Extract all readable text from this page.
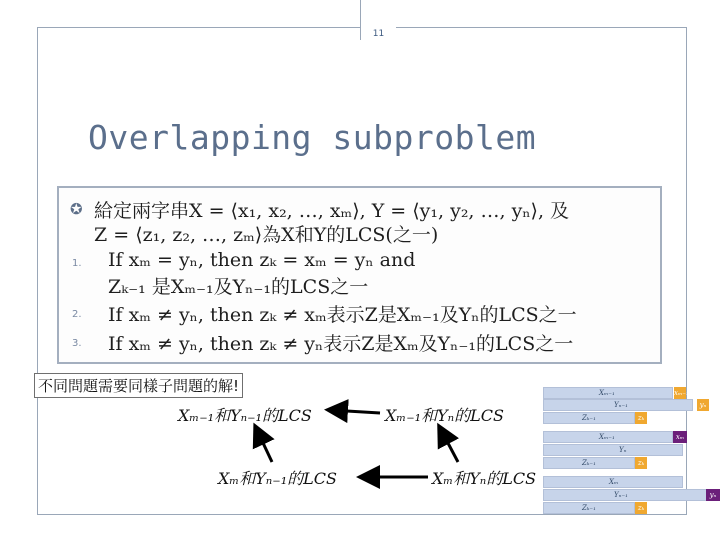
11
Overlapping subproblem
✪ 給定兩字串X = ⟨x₁, x₂, …, xₘ⟩, Y = ⟨y₁, y₂, …, yₙ⟩, 及
Z = ⟨z₁, z₂, …, zₘ⟩為X和Y的LCS(之一)
1. If xₘ = yₙ, then zₖ = xₘ = yₙ and
Zₖ₋₁ 是Xₘ₋₁及Yₙ₋₁的LCS之一
2. If xₘ ≠ yₙ, then zₖ ≠ xₘ表示Z是Xₘ₋₁及Yₙ的LCS之一
3. If xₘ ≠ yₙ, then zₖ ≠ yₙ表示Z是Xₘ及Yₙ₋₁的LCS之一
不同問題需要同樣子問題的解!
Xₘ₋₁和Yₙ₋₁的LCS	Xₘ₋₁和Yₙ的LCS
Xₘ和Yₙ₋₁的LCS	Xₘ和Yₙ的LCS
Xₘ₋₁	xₘ₋₁
Yₙ₋₁	yₙ
Zₖ₋₁	zₖ
Xₘ₋₁	xₘ
Yₙ
Zₖ₋₁	zₖ
Xₘ
Yₙ₋₁	yₙ
Zₖ₋₁	zₖ
